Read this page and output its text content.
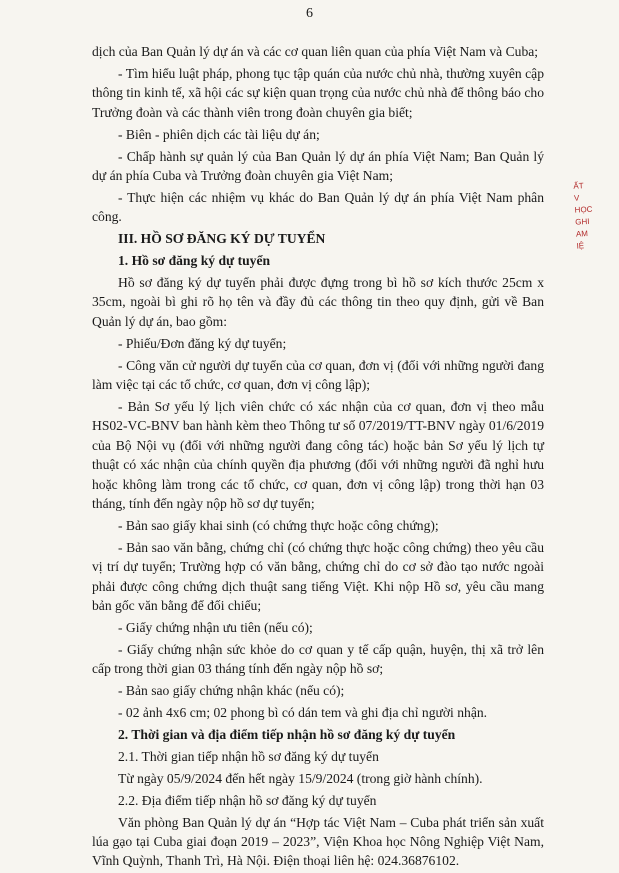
6

dịch của Ban Quản lý dự án và các cơ quan liên quan của phía Việt Nam và Cuba;

- Tìm hiểu luật pháp, phong tục tập quán của nước chủ nhà, thường xuyên cập thông tin kinh tế, xã hội các sự kiện quan trọng của nước chủ nhà để thông báo cho Trưởng đoàn và các thành viên trong đoàn chuyên gia biết;

- Biên - phiên dịch các tài liệu dự án;

- Chấp hành sự quản lý của Ban Quản lý dự án phía Việt Nam; Ban Quản lý dự án phía Cuba và Trưởng đoàn chuyên gia Việt Nam;

- Thực hiện các nhiệm vụ khác do Ban Quản lý dự án phía Việt Nam phân công.

III. HỒ SƠ ĐĂNG KÝ DỰ TUYỂN

1. Hồ sơ đăng ký dự tuyển

Hồ sơ đăng ký dự tuyển phải được đựng trong bì hồ sơ kích thước 25cm x 35cm, ngoài bì ghi rõ họ tên và đầy đủ các thông tin theo quy định, gửi về Ban Quản lý dự án, bao gồm:

- Phiếu/Đơn đăng ký dự tuyển;

- Công văn cử người dự tuyển của cơ quan, đơn vị (đối với những người đang làm việc tại các tổ chức, cơ quan, đơn vị công lập);

- Bản Sơ yếu lý lịch viên chức có xác nhận của cơ quan, đơn vị theo mẫu HS02-VC-BNV ban hành kèm theo Thông tư số 07/2019/TT-BNV ngày 01/6/2019 của Bộ Nội vụ (đối với những người đang công tác) hoặc bản Sơ yếu lý lịch tự thuật có xác nhận của chính quyền địa phương (đối với những người đã nghỉ hưu hoặc không làm trong các tổ chức, cơ quan, đơn vị công lập) trong thời hạn 03 tháng, tính đến ngày nộp hồ sơ dự tuyển;

- Bản sao giấy khai sinh (có chứng thực hoặc công chứng);

- Bản sao văn bằng, chứng chỉ (có chứng thực hoặc công chứng) theo yêu cầu vị trí dự tuyển; Trường hợp có văn bằng, chứng chỉ do cơ sở đào tạo nước ngoài phải được công chứng dịch thuật sang tiếng Việt. Khi nộp Hồ sơ, yêu cầu mang bản gốc văn bằng để đối chiếu;

- Giấy chứng nhận ưu tiên (nếu có);

- Giấy chứng nhận sức khỏe do cơ quan y tế cấp quận, huyện, thị xã trở lên cấp trong thời gian 03 tháng tính đến ngày nộp hồ sơ;

- Bản sao giấy chứng nhận khác (nếu có);

- 02 ảnh 4x6 cm; 02 phong bì có dán tem và ghi địa chỉ người nhận.

2. Thời gian và địa điểm tiếp nhận hồ sơ đăng ký dự tuyển

2.1. Thời gian tiếp nhận hồ sơ đăng ký dự tuyển

Từ ngày 05/9/2024 đến hết ngày 15/9/2024 (trong giờ hành chính).

2.2. Địa điểm tiếp nhận hồ sơ đăng ký dự tuyển

Văn phòng Ban Quản lý dự án “Hợp tác Việt Nam – Cuba phát triển sản xuất lúa gạo tại Cuba giai đoạn 2019 – 2023”, Viện Khoa học Nông Nghiệp Việt Nam, Vĩnh Quỳnh, Thanh Trì, Hà Nội. Điện thoại liên hệ: 024.36876102.

ẤT
V
HỌC
GHI
AM
IỆ
